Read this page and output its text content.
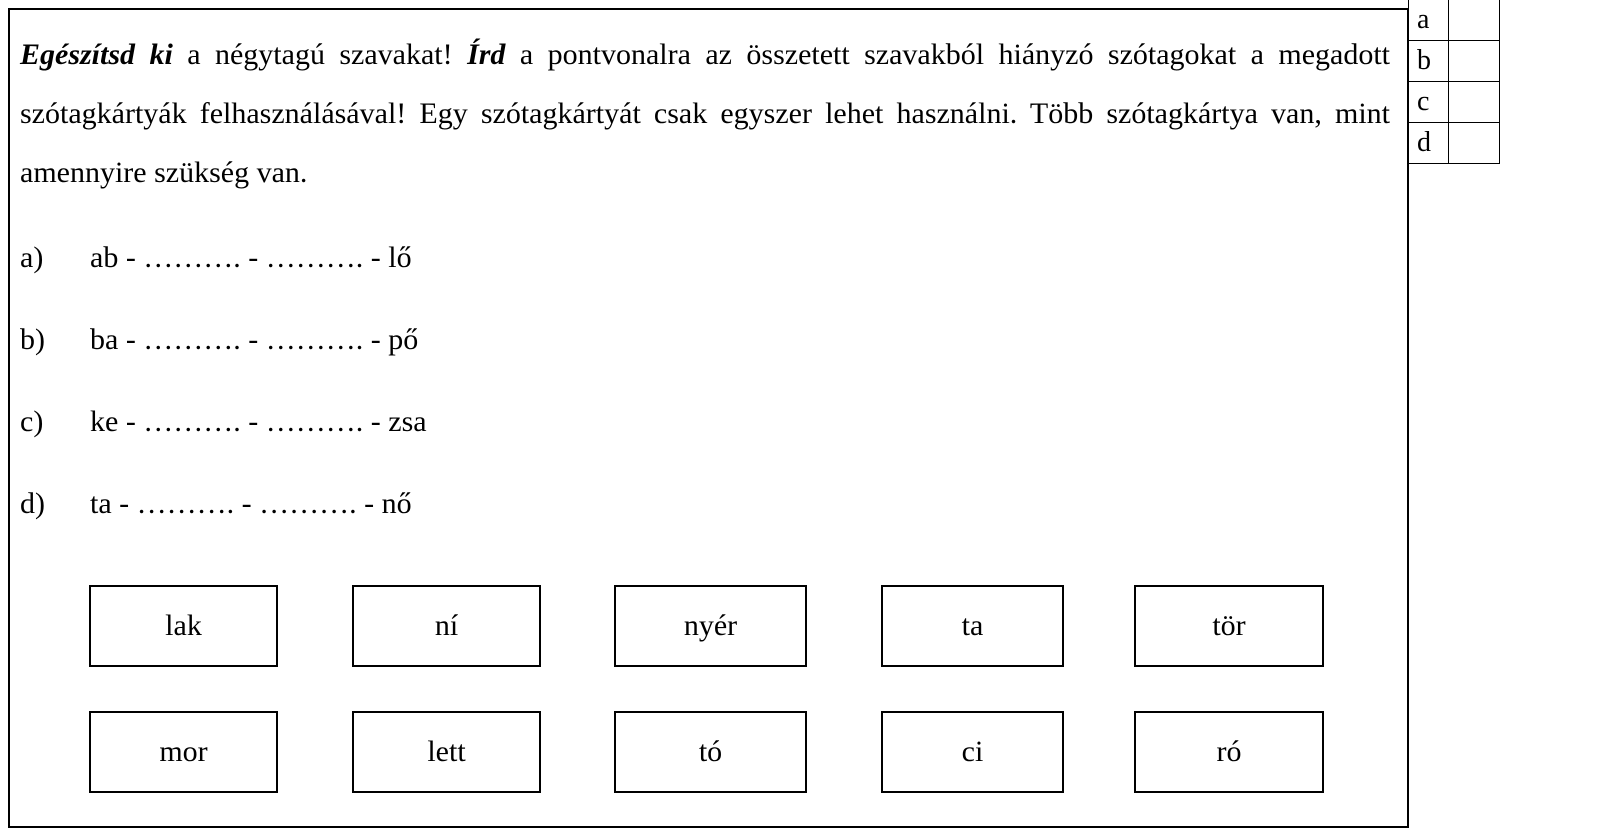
Egészítsd ki a négytagú szavakat! Írd a pontvonalra az összetett szavakból hiányzó szótagokat a megadott szótagkártyák felhasználásával! Egy szótagkártyát csak egyszer lehet használni. Több szótagkártya van, mint amennyire szükség van.
a) ab - ………. - ………. - lő
b) ba - ………. - ………. - pő
c) ke - ………. - ………. - zsa
d) ta - ………. - ………. - nő
lak	ní	nyér	ta	tör
mor	lett	tó	ci	ró
a	
b	
c	
d	
